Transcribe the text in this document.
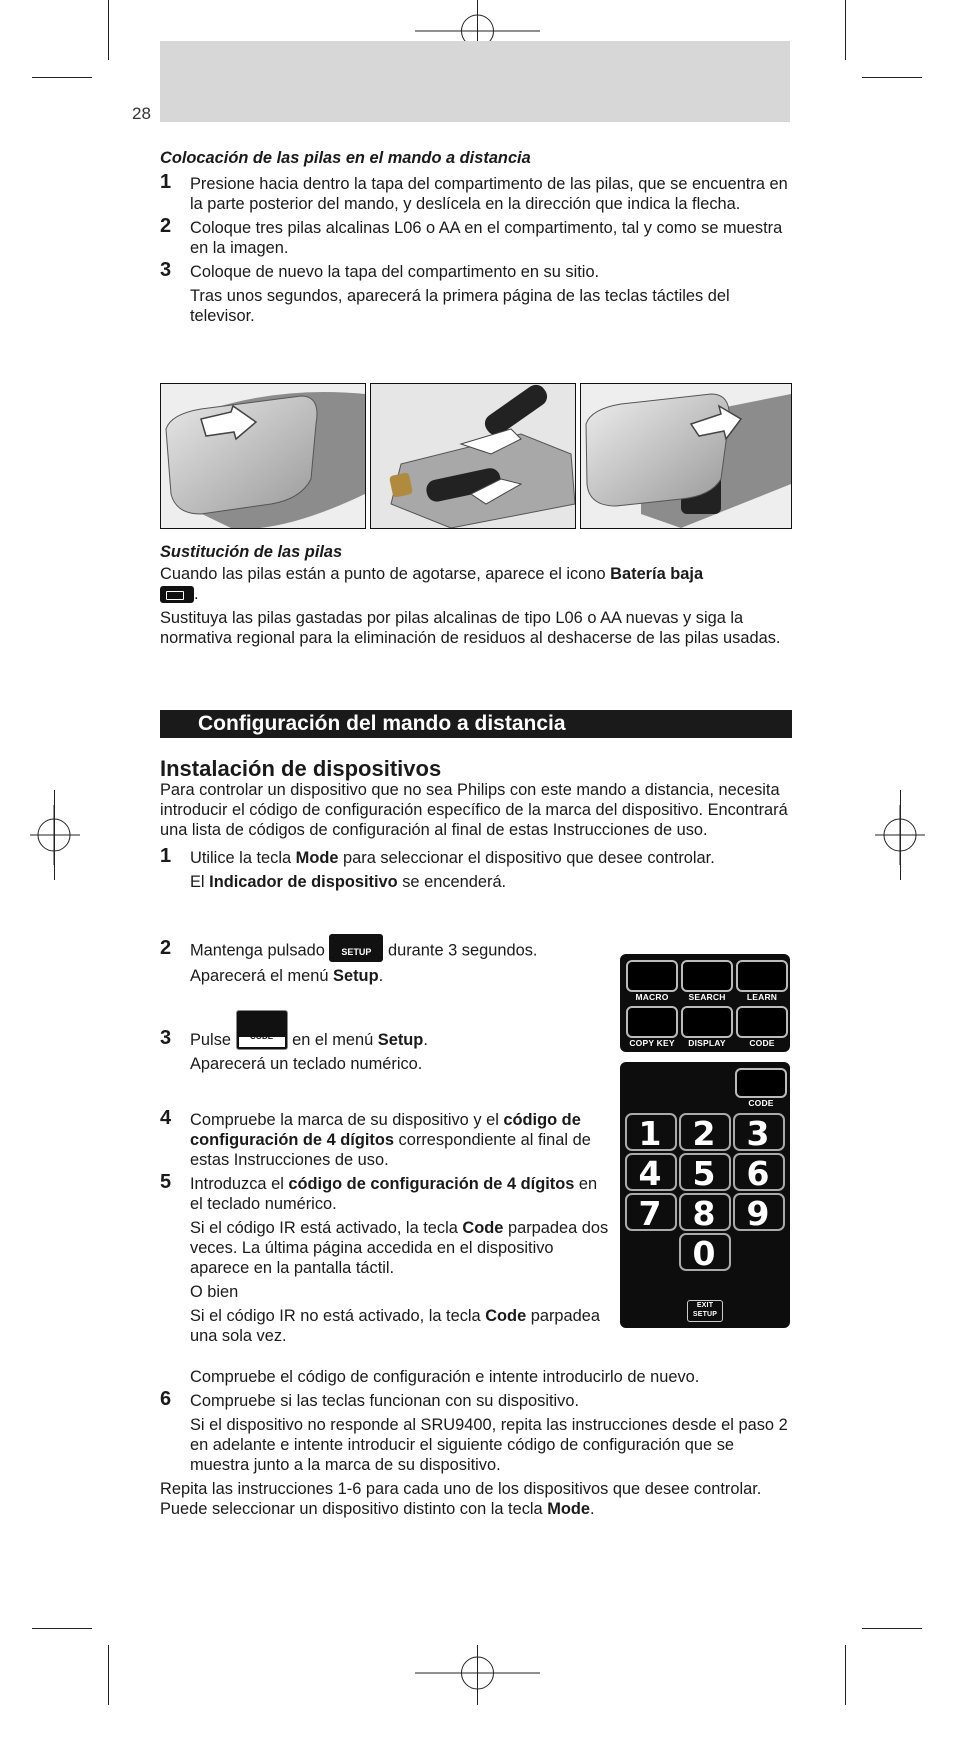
28

Colocación de las pilas en el mando a distancia

1 Presione hacia dentro la tapa del compartimento de las pilas, que se encuentra en la parte posterior del mando, y deslícela en la dirección que indica la flecha.

2 Coloque tres pilas alcalinas L06 o AA en el compartimento, tal y como se muestra en la imagen.

3 Coloque de nuevo la tapa del compartimento en su sitio.

Tras unos segundos, aparecerá la primera página de las teclas táctiles del televisor.

Sustitución de las pilas

Cuando las pilas están a punto de agotarse, aparece el icono Batería baja
.

Sustituya las pilas gastadas por pilas alcalinas de tipo L06 o AA nuevas y siga la normativa regional para la eliminación de residuos al deshacerse de las pilas usadas.

Configuración del mando a distancia
Instalación de dispositivos

Para controlar un dispositivo que no sea Philips con este mando a distancia, necesita introducir el código de configuración específico de la marca del dispositivo. Encontrará una lista de códigos de configuración al final de estas Instrucciones de uso.

1 Utilice la tecla Mode para seleccionar el dispositivo que desee controlar.

El Indicador de dispositivo se encenderá.

2 Mantenga pulsado	SETUP durante 3 segundos.

Aparecerá el menú Setup.

3 Pulse	CODE en el menú Setup.

Aparecerá un teclado numérico.

4 Compruebe la marca de su dispositivo y el código de configuración de 4 dígitos correspondiente al final de estas Instrucciones de uso.

5 Introduzca el código de configuración de 4 dígitos en el teclado numérico.

Si el código IR está activado, la tecla Code parpadea dos veces. La última página accedida en el dispositivo aparece en la pantalla táctil.

O bien

Si el código IR no está activado, la tecla Code parpadea una sola vez.

Compruebe el código de configuración e intente introducirlo de nuevo.

6 Compruebe si las teclas funcionan con su dispositivo.

Si el dispositivo no responde al SRU9400, repita las instrucciones desde el paso 2 en adelante e intente introducir el siguiente código de configuración que se muestra junto a la marca de su dispositivo.

Repita las instrucciones 1-6 para cada uno de los dispositivos que desee controlar.

Puede seleccionar un dispositivo distinto con la tecla Mode.

MACRO	SEARCH	LEARN
COPY KEY	DISPLAY	CODE
CODE
1 2 3
4 5 6
7 8 9
0
EXIT
SETUP
